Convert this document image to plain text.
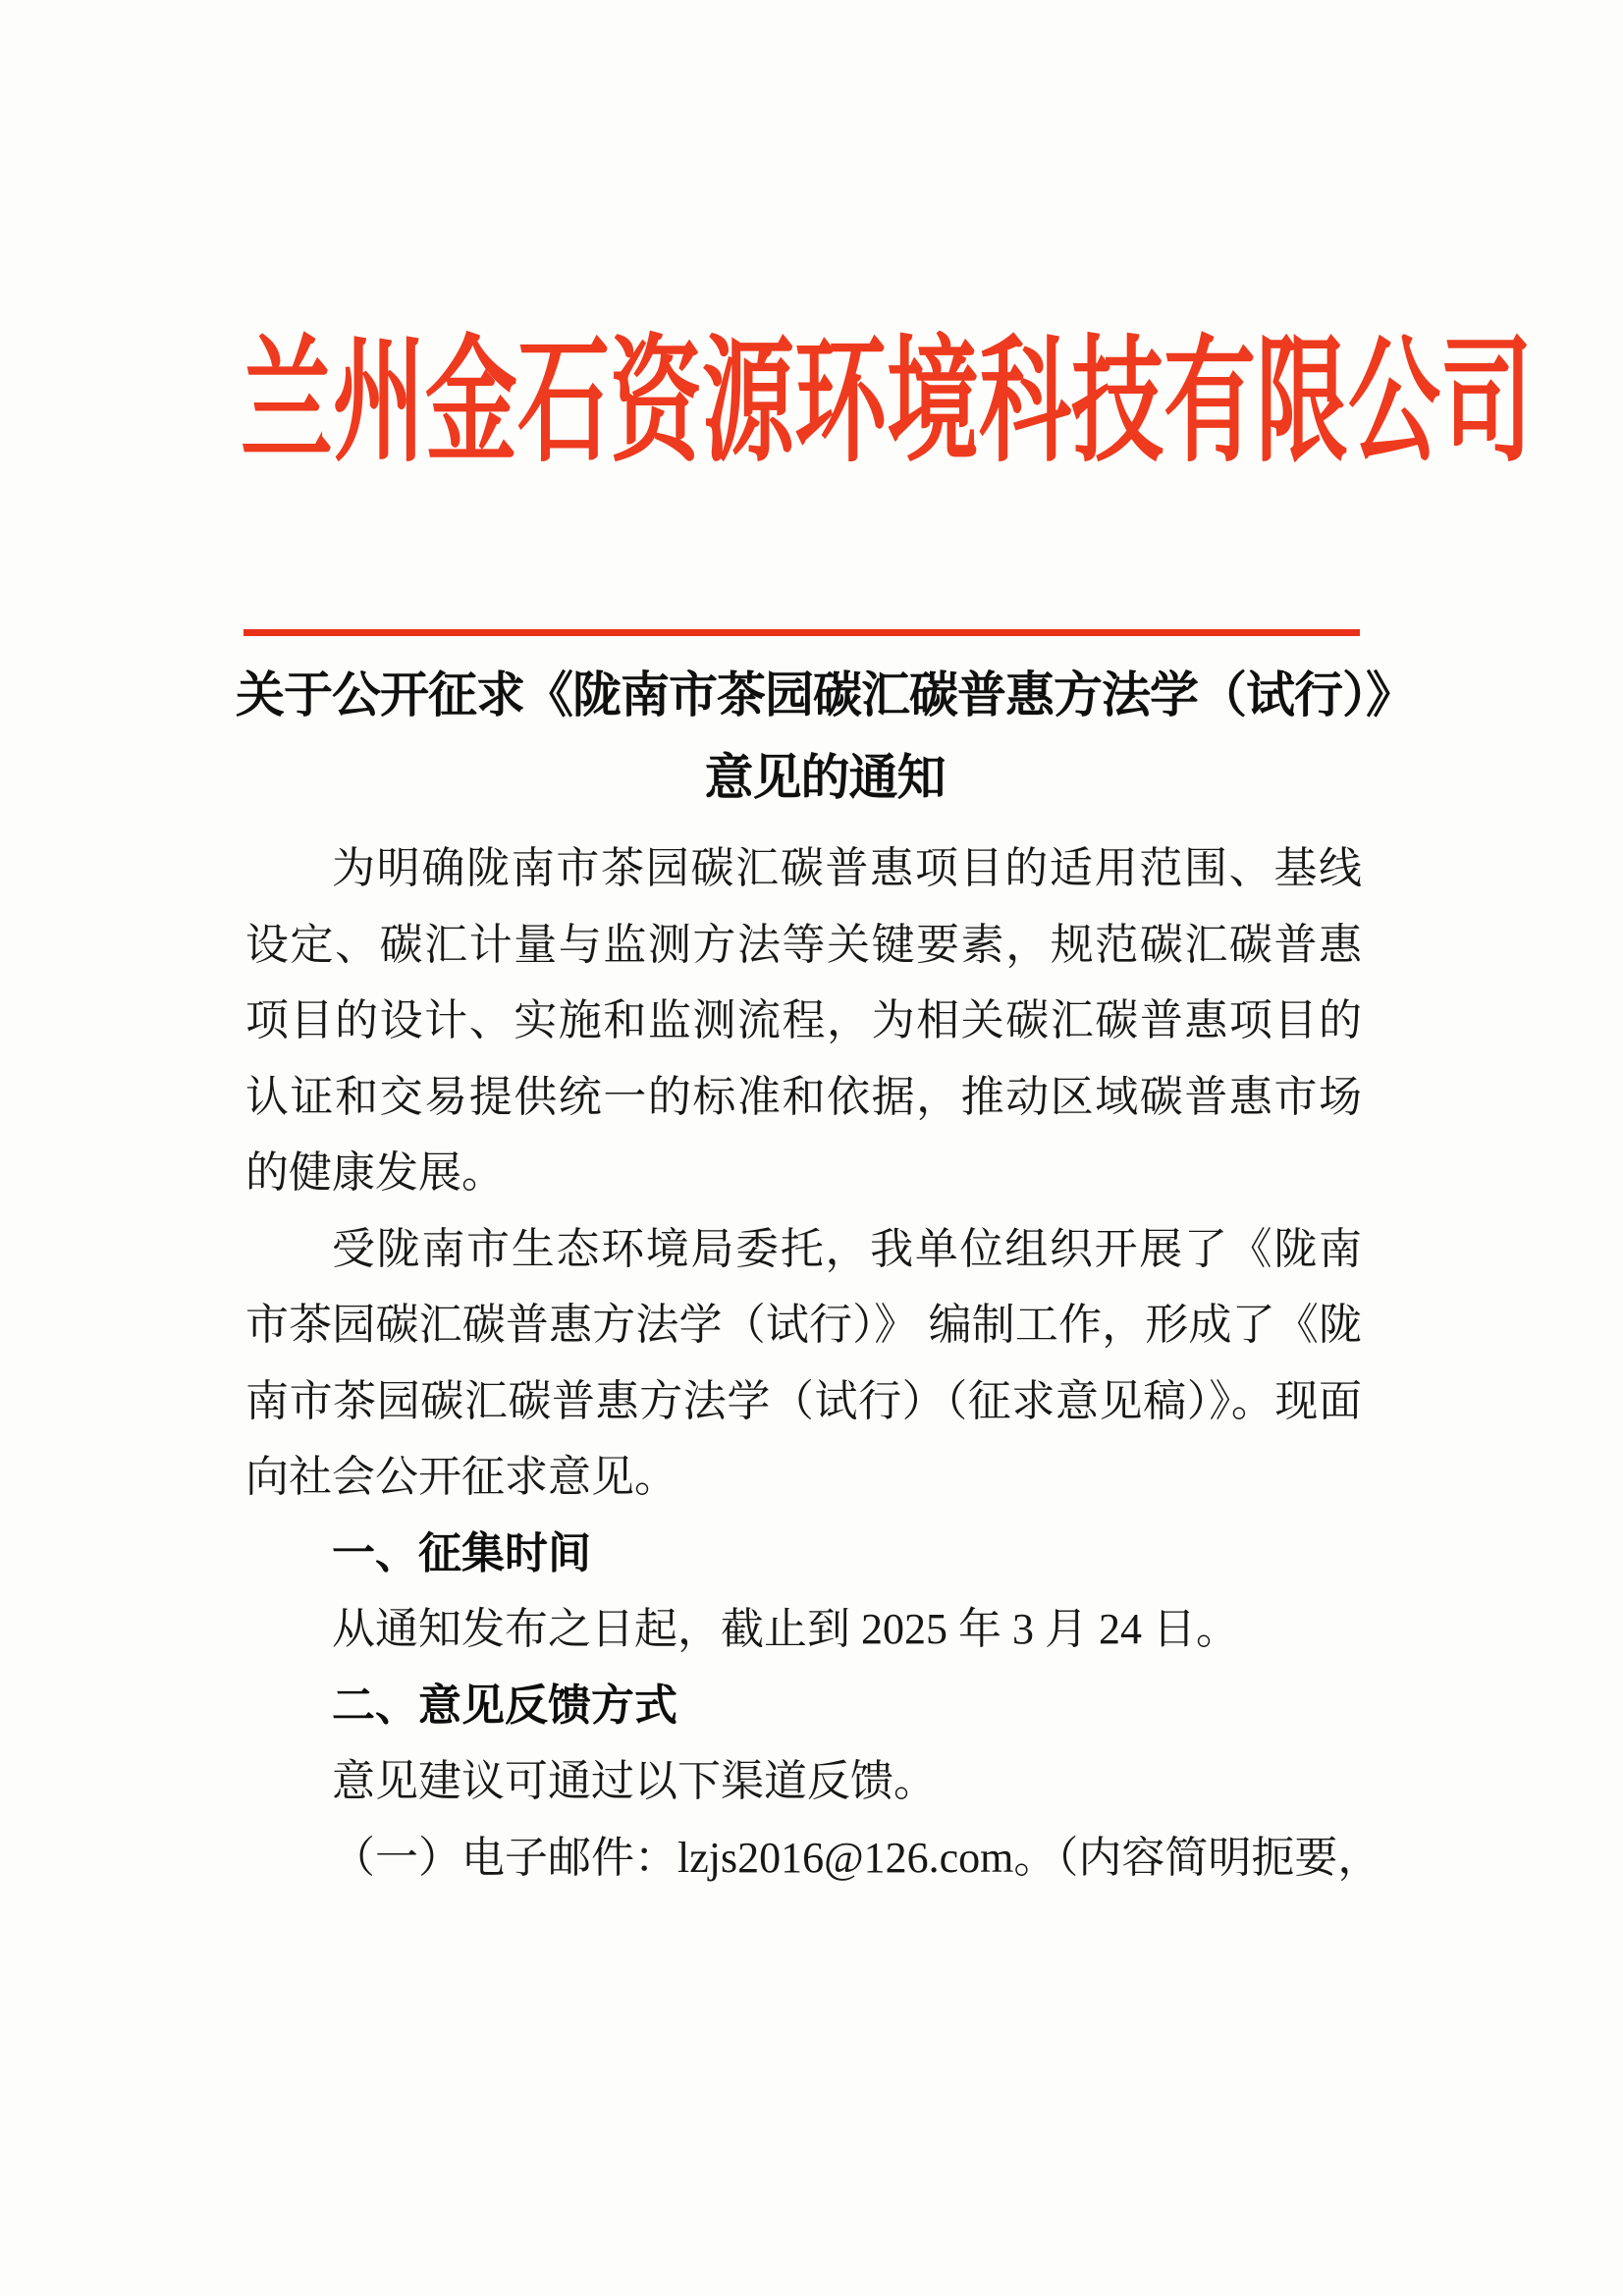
兰州金石资源环境科技有限公司
关于公开征求《陇南市茶园碳汇碳普惠方法学（试行）》
意见的通知

为明确陇南市茶园碳汇碳普惠项目的适用范围、基线设定、碳汇计量与监测方法等关键要素，规范碳汇碳普惠项目的设计、实施和监测流程，为相关碳汇碳普惠项目的认证和交易提供统一的标准和依据，推动区域碳普惠市场的健康发展。

受陇南市生态环境局委托，我单位组织开展了《陇南市茶园碳汇碳普惠方法学（试行）》 编制工作，形成了《陇南市茶园碳汇碳普惠方法学（试行）（征求意见稿）》。现面向社会公开征求意见。

一、征集时间

从通知发布之日起，截止到 2025 年 3 月 24 日。

二、意见反馈方式

意见建议可通过以下渠道反馈。

（一）电子邮件：lzjs2016@126.com。（内容简明扼要，
